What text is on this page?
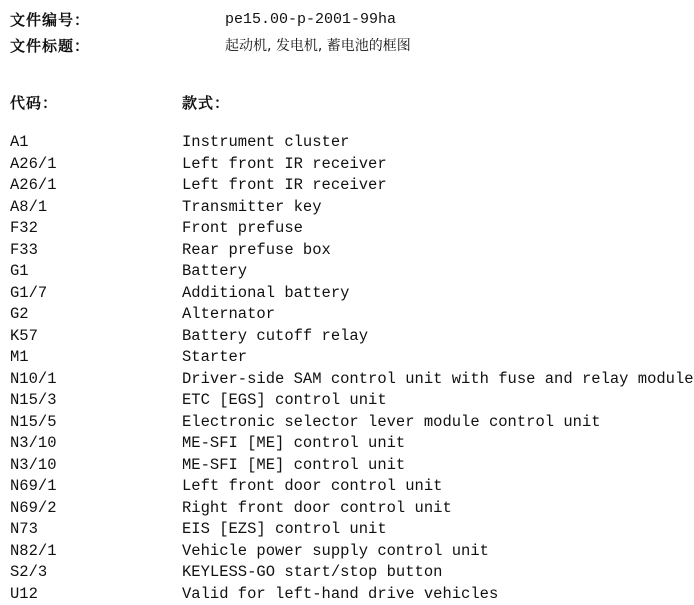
文件编号：	pe15.00-p-2001-99ha
文件标题：	起动机, 发电机, 蓄电池的框图
代码：	款式：
A1	Instrument cluster
A26/1	Left front IR receiver
A26/1	Left front IR receiver
A8/1	Transmitter key
F32	Front prefuse
F33	Rear prefuse box
G1	Battery
G1/7	Additional battery
G2	Alternator
K57	Battery cutoff relay
M1	Starter
N10/1	Driver-side SAM control unit with fuse and relay module
N15/3	ETC [EGS] control unit
N15/5	Electronic selector lever module control unit
N3/10	ME-SFI [ME] control unit
N3/10	ME-SFI [ME] control unit
N69/1	Left front door control unit
N69/2	Right front door control unit
N73	EIS [EZS] control unit
N82/1	Vehicle power supply control unit
S2/3	KEYLESS-GO start/stop button
U12	Valid for left-hand drive vehicles
